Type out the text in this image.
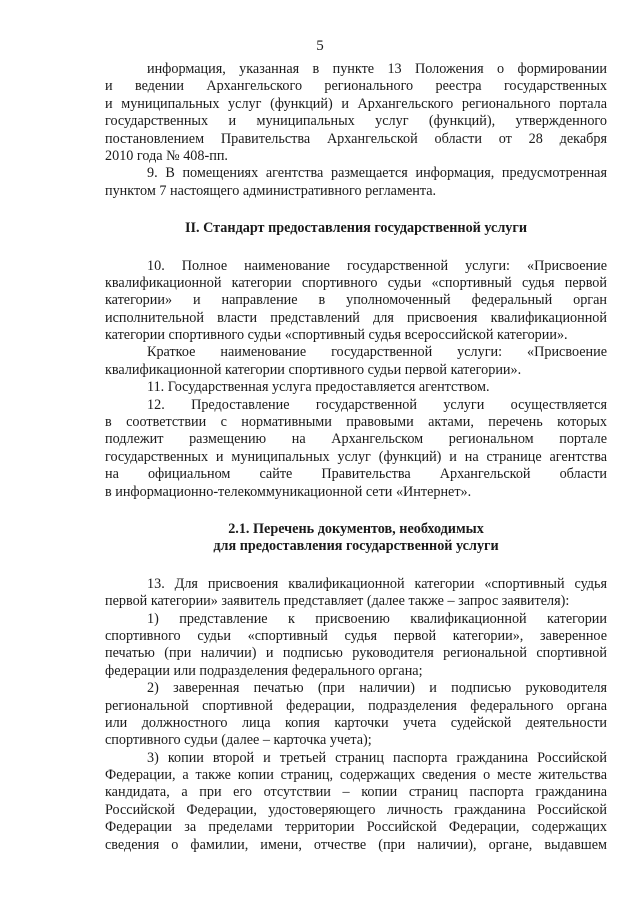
5
информация, указанная в пункте 13 Положения о формировании
и ведении Архангельского регионального реестра государственных
и муниципальных услуг (функций) и Архангельского регионального портала
государственных и муниципальных услуг (функций), утвержденного
постановлением Правительства Архангельской области от 28 декабря
2010 года № 408-пп.
9. В помещениях агентства размещается информация, предусмотренная
пунктом 7 настоящего административного регламента.
II. Стандарт предоставления государственной услуги
10. Полное наименование государственной услуги: «Присвоение
квалификационной категории спортивного судьи «спортивный судья первой
категории» и направление в уполномоченный федеральный орган
исполнительной власти представлений для присвоения квалификационной
категории спортивного судьи «спортивный судья всероссийской категории».
Краткое наименование государственной услуги: «Присвоение
квалификационной категории спортивного судьи первой категории».
11. Государственная услуга предоставляется агентством.
12. Предоставление государственной услуги осуществляется
в соответствии с нормативными правовыми актами, перечень которых
подлежит размещению на Архангельском региональном портале
государственных и муниципальных услуг (функций) и на странице агентства
на официальном сайте Правительства Архангельской области
в информационно-телекоммуникационной сети «Интернет».
2.1. Перечень документов, необходимых
для предоставления государственной услуги
13. Для присвоения квалификационной категории «спортивный судья
первой категории» заявитель представляет (далее также – запрос заявителя):
1) представление к присвоению квалификационной категории
спортивного судьи «спортивный судья первой категории», заверенное
печатью (при наличии) и подписью руководителя региональной спортивной
федерации или подразделения федерального органа;
2) заверенная печатью (при наличии) и подписью руководителя
региональной спортивной федерации, подразделения федерального органа
или должностного лица копия карточки учета судейской деятельности
спортивного судьи (далее – карточка учета);
3) копии второй и третьей страниц паспорта гражданина Российской
Федерации, а также копии страниц, содержащих сведения о месте жительства
кандидата, а при его отсутствии – копии страниц паспорта гражданина
Российской Федерации, удостоверяющего личность гражданина Российской
Федерации за пределами территории Российской Федерации, содержащих
сведения о фамилии, имени, отчестве (при наличии), органе, выдавшем
